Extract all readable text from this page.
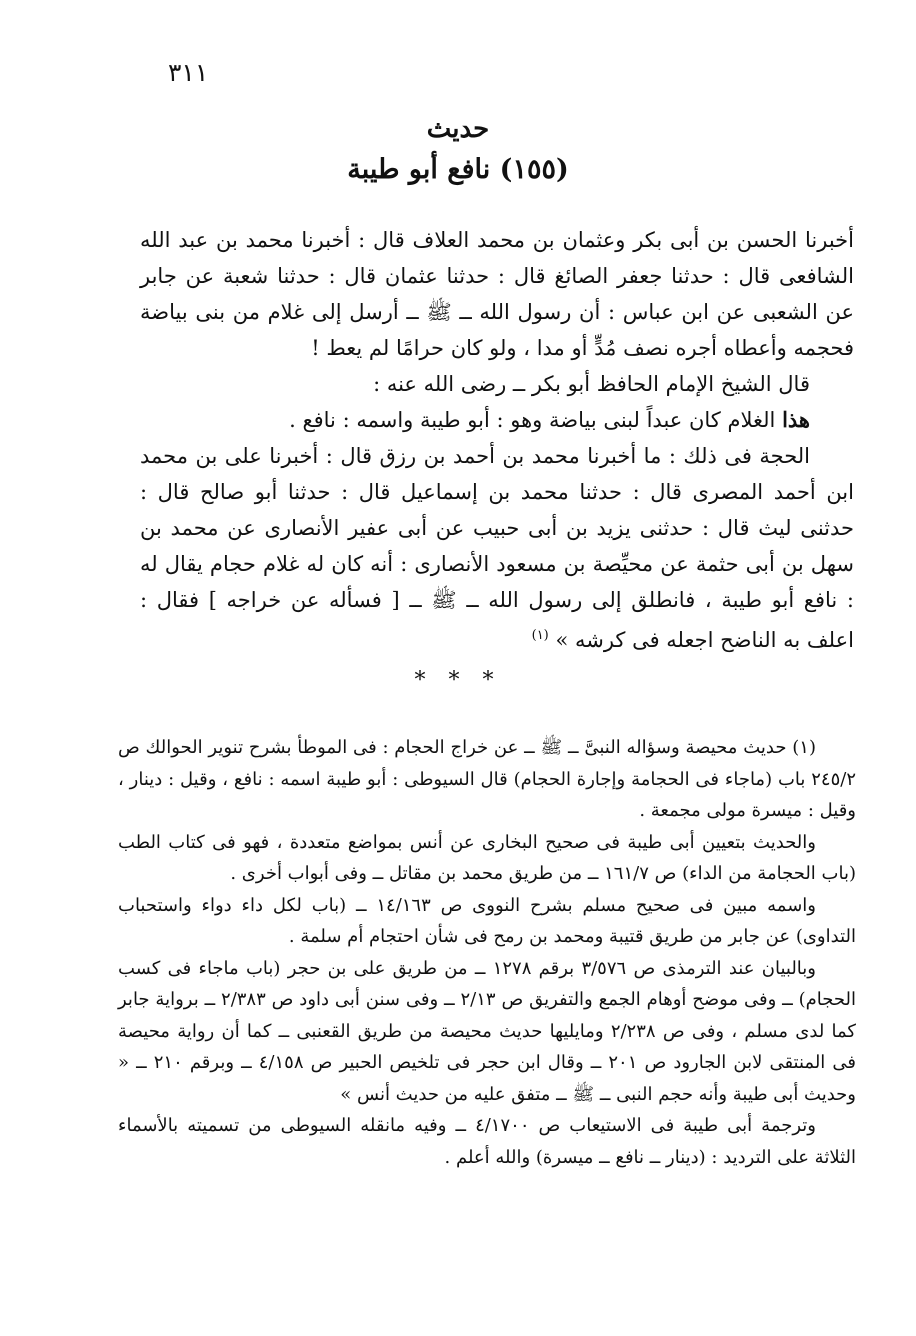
٣١١
حديث
(١٥٥) نافع أبو طيبة

أخبرنا الحسن بن أبى بكر وعثمان بن محمد العلاف قال : أخبرنا محمد بن عبد الله الشافعى قال : حدثنا جعفر الصائغ قال : حدثنا عثمان قال : حدثنا شعبة عن جابر عن الشعبى عن ابن عباس : أن رسول الله ــ ﷺ ــ أرسل إلى غلام من بنى بياضة فحجمه وأعطاه أجره نصف مُدٍّ أو مدا ، ولو كان حرامًا لم يعط !

قال الشيخ الإمام الحافظ أبو بكر ــ رضى الله عنه :

هذا الغلام كان عبداً لبنى بياضة وهو : أبو طيبة واسمه : نافع .

الحجة فى ذلك : ما أخبرنا محمد بن أحمد بن رزق قال : أخبرنا على بن محمد ابن أحمد المصرى قال : حدثنا محمد بن إسماعيل قال : حدثنا أبو صالح قال : حدثنى ليث قال : حدثنى يزيد بن أبى حبيب عن أبى عفير الأنصارى عن محمد بن سهل بن أبى حثمة عن محيِّصة بن مسعود الأنصارى : أنه كان له غلام حجام يقال له : نافع أبو طيبة ، فانطلق إلى رسول الله ــ ﷺ ــ [ فسأله عن خراجه ] فقال : اعلف به الناضح اجعله فى كرشه » $^{(١)}$

* * *

(١) حديث محيصة وسؤاله النبىَّ ــ ﷺ ــ عن خراج الحجام : فى الموطأ بشرح تنوير الحوالك ص ٢٤٥/٢ باب (ماجاء فى الحجامة وإجارة الحجام) قال السيوطى : أبو طيبة اسمه : نافع ، وقيل : دينار ، وقيل : ميسرة مولى مجمعة .

والحديث بتعيين أبى طيبة فى صحيح البخارى عن أنس بمواضع متعددة ، فهو فى كتاب الطب (باب الحجامة من الداء) ص ١٦١/٧ ــ من طريق محمد بن مقاتل ــ وفى أبواب أخرى .

واسمه مبين فى صحيح مسلم بشرح النووى ص ١٤/١٦٣ ــ (باب لكل داء دواء واستحباب التداوى) عن جابر من طريق قتيبة ومحمد بن رمح فى شأن احتجام أم سلمة .

وبالبيان عند الترمذى ص ٣/٥٧٦ برقم ١٢٧٨ ــ من طريق على بن حجر (باب ماجاء فى كسب الحجام) ــ وفى موضح أوهام الجمع والتفريق ص ٢/١٣ ــ وفى سنن أبى داود ص ٢/٣٨٣ ــ برواية جابر كما لدى مسلم ، وفى ص ٢/٢٣٨ ومايليها حديث محيصة من طريق القعنبى ــ كما أن رواية محيصة فى المنتقى لابن الجارود ص ٢٠١ ــ وقال ابن حجر فى تلخيص الحبير ص ٤/١٥٨ ــ وبرقم ٢١٠ ــ « وحديث أبى طيبة وأنه حجم النبى ــ ﷺ ــ متفق عليه من حديث أنس »

وترجمة أبى طيبة فى الاستيعاب ص ٤/١٧٠٠ ــ وفيه مانقله السيوطى من تسميته بالأسماء الثلاثة على الترديد : (دينار ــ نافع ــ ميسرة) والله أعلم .
